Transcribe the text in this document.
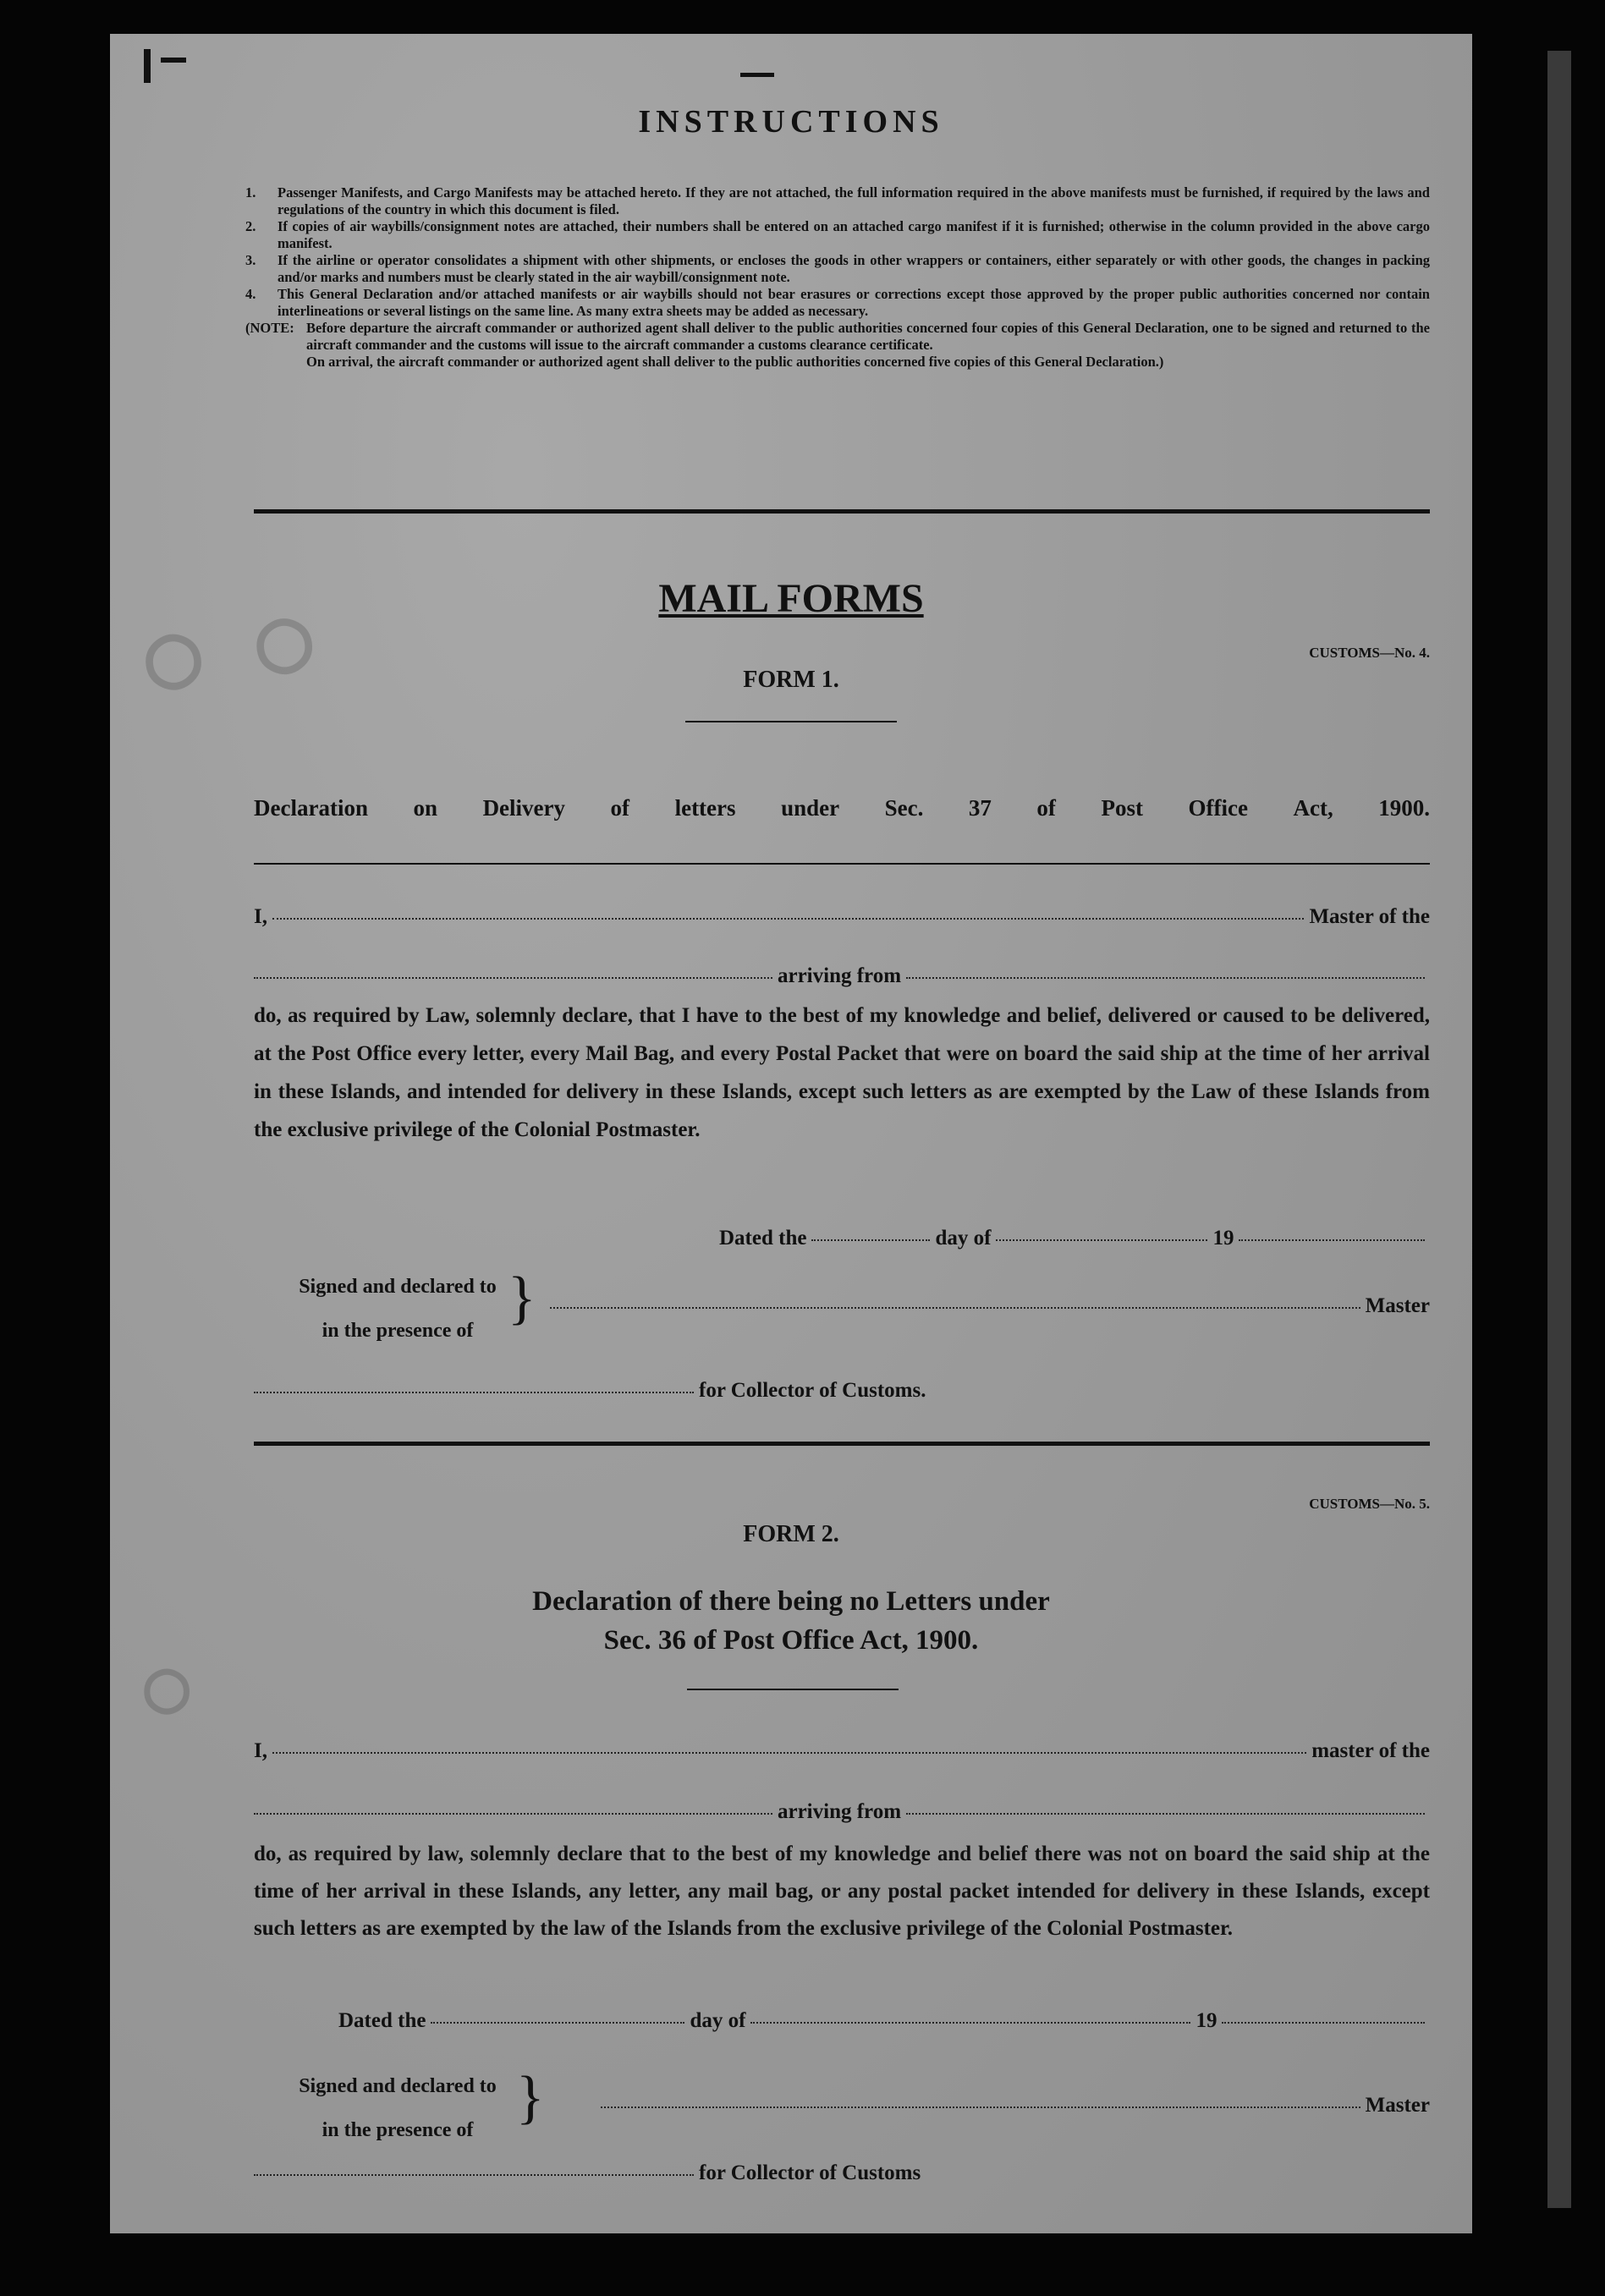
○ ○
○
INSTRUCTIONS
1.	Passenger Manifests, and Cargo Manifests may be attached hereto. If they are not attached, the full information required in the above manifests must be furnished, if required by the laws and regulations of the country in which this document is filed.
2.	If copies of air waybills/consignment notes are attached, their numbers shall be entered on an attached cargo manifest if it is furnished; otherwise in the column provided in the above cargo manifest.
3.	If the airline or operator consolidates a shipment with other shipments, or encloses the goods in other wrappers or containers, either separately or with other goods, the changes in packing and/or marks and numbers must be clearly stated in the air waybill/consignment note.
4.	This General Declaration and/or attached manifests or air waybills should not bear erasures or corrections except those approved by the proper public authorities concerned nor contain interlineations or several listings on the same line. As many extra sheets may be added as necessary.
(NOTE: Before departure the aircraft commander or authorized agent shall deliver to the public authorities concerned four copies of this General Declaration, one to be signed and returned to the aircraft commander and the customs will issue to the aircraft commander a customs clearance certificate.
On arrival, the aircraft commander or authorized agent shall deliver to the public authorities concerned five copies of this General Declaration.)
MAIL FORMS
CUSTOMS—No. 4.
FORM 1.
Declaration on Delivery of letters under Sec. 37 of Post Office Act, 1900.
I,	Master of the
arriving from
do, as required by Law, solemnly declare, that I have to the best of my knowledge and belief, delivered or caused to be delivered, at the Post Office every letter, every Mail Bag, and every Postal Packet that were on board the said ship at the time of her arrival in these Islands, and intended for delivery in these Islands, except such letters as are exempted by the Law of these Islands from the exclusive privilege of the Colonial Postmaster.
Dated the	day of	19
Signed and declared to
in the presence of }	Master
for Collector of Customs.
CUSTOMS—No. 5.
FORM 2.
Declaration of there being no Letters under
Sec. 36 of Post Office Act, 1900.
I,	master of the
arriving from
do, as required by law, solemnly declare that to the best of my knowledge and belief there was not on board the said ship at the time of her arrival in these Islands, any letter, any mail bag, or any postal packet intended for delivery in these Islands, except such letters as are exempted by the law of the Islands from the exclusive privilege of the Colonial Postmaster.
Dated the	day of	19
Signed and declared to
in the presence of }	Master
for Collector of Customs
